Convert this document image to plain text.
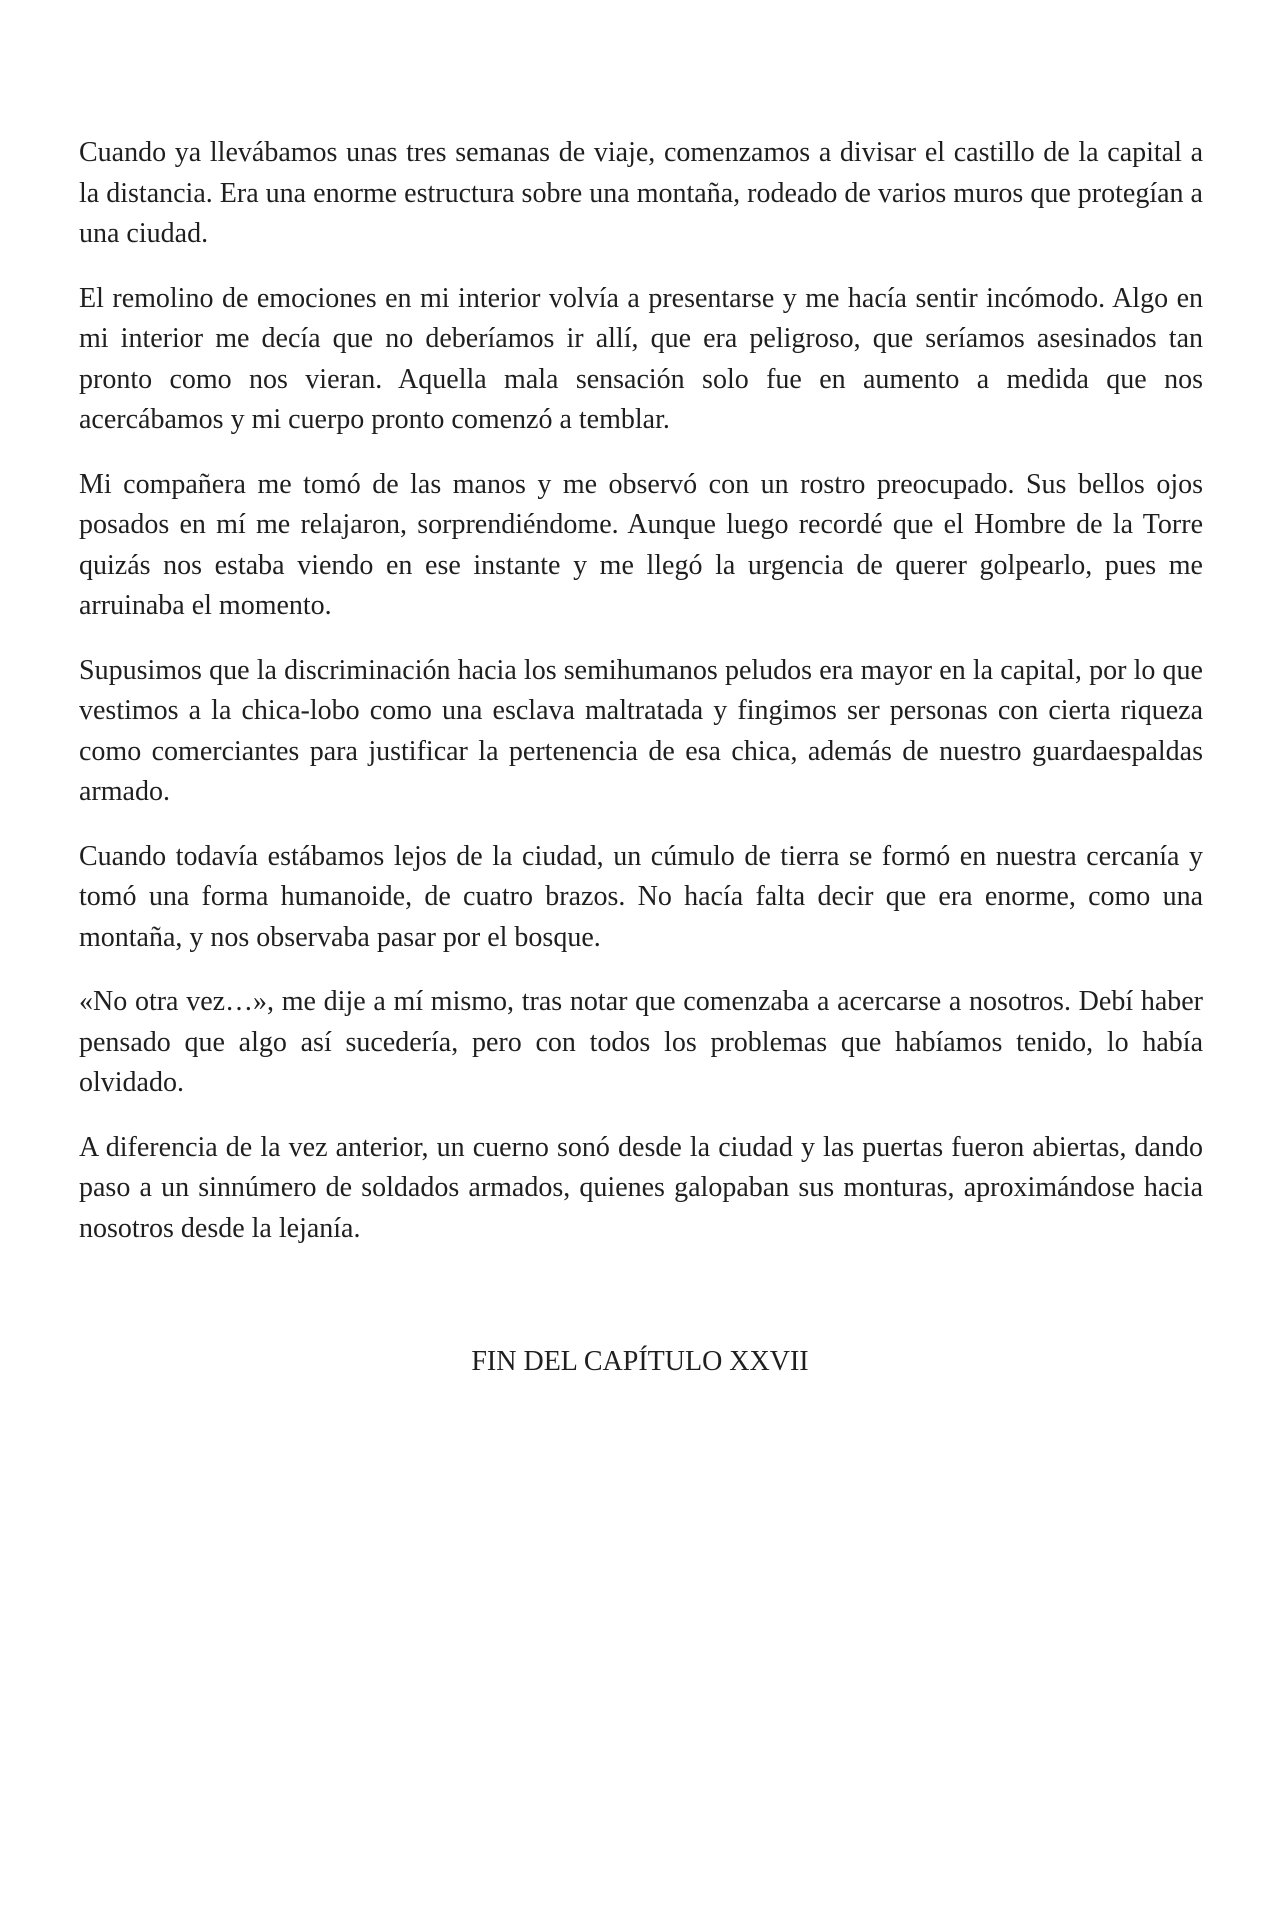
Cuando ya llevábamos unas tres semanas de viaje, comenzamos a divisar el castillo de la capital a la distancia. Era una enorme estructura sobre una montaña, rodeado de varios muros que protegían a una ciudad.

El remolino de emociones en mi interior volvía a presentarse y me hacía sentir incómodo. Algo en mi interior me decía que no deberíamos ir allí, que era peligroso, que seríamos asesinados tan pronto como nos vieran. Aquella mala sensación solo fue en aumento a medida que nos acercábamos y mi cuerpo pronto comenzó a temblar.

Mi compañera me tomó de las manos y me observó con un rostro preocupado. Sus bellos ojos posados en mí me relajaron, sorprendiéndome. Aunque luego recordé que el Hombre de la Torre quizás nos estaba viendo en ese instante y me llegó la urgencia de querer golpearlo, pues me arruinaba el momento.

Supusimos que la discriminación hacia los semihumanos peludos era mayor en la capital, por lo que vestimos a la chica-lobo como una esclava maltratada y fingimos ser personas con cierta riqueza como comerciantes para justificar la pertenencia de esa chica, además de nuestro guardaespaldas armado.

Cuando todavía estábamos lejos de la ciudad, un cúmulo de tierra se formó en nuestra cercanía y tomó una forma humanoide, de cuatro brazos. No hacía falta decir que era enorme, como una montaña, y nos observaba pasar por el bosque.

«No otra vez…», me dije a mí mismo, tras notar que comenzaba a acercarse a nosotros. Debí haber pensado que algo así sucedería, pero con todos los problemas que habíamos tenido, lo había olvidado.

A diferencia de la vez anterior, un cuerno sonó desde la ciudad y las puertas fueron abiertas, dando paso a un sinnúmero de soldados armados, quienes galopaban sus monturas, aproximándose hacia nosotros desde la lejanía.

FIN DEL CAPÍTULO XXVII
